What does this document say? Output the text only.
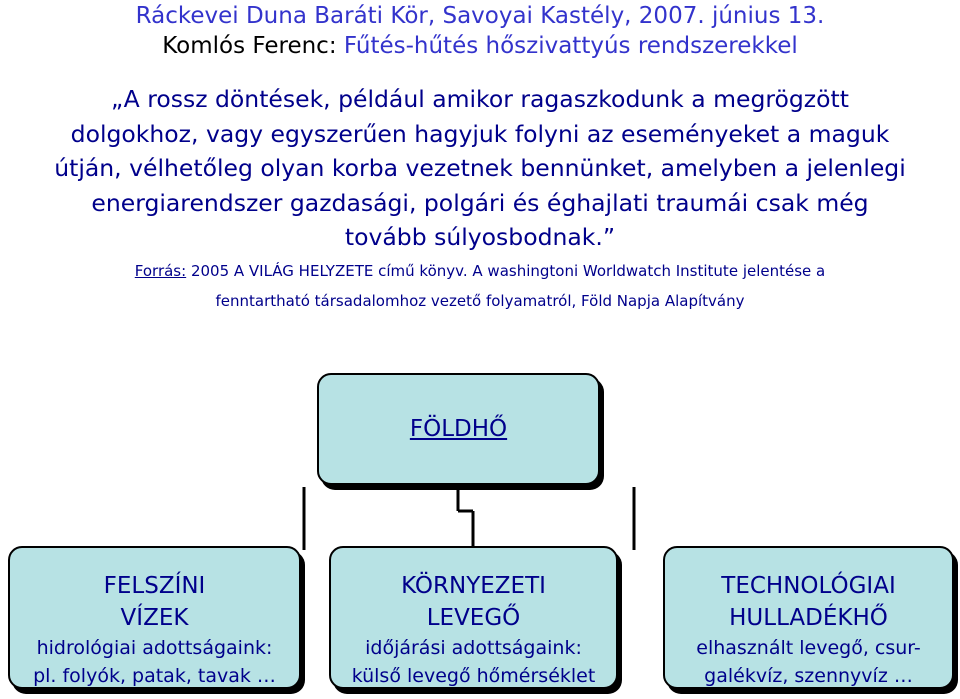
Ráckevei Duna Baráti Kör, Savoyai Kastély, 2007. június 13.
Komlós Ferenc: Fűtés-hűtés hőszivattyús rendszerekkel
„A rossz döntések, például amikor ragaszkodunk a megrögzött
dolgokhoz, vagy egyszerűen hagyjuk folyni az eseményeket a maguk
útján, vélhetőleg olyan korba vezetnek bennünket, amelyben a jelenlegi
energiarendszer gazdasági, polgári és éghajlati traumái csak még
tovább súlyosbodnak.”
Forrás: 2005 A VILÁG HELYZETE című könyv. A washingtoni Worldwatch Institute jelentése a
fenntartható társadalomhoz vezető folyamatról, Föld Napja Alapítvány
FÖLDHŐ
FELSZÍNI
VÍZEK
hidrológiai adottságaink:
pl. folyók, patak, tavak …
KÖRNYEZETI
LEVEGŐ
időjárási adottságaink:
külső levegő hőmérséklet
TECHNOLÓGIAI
HULLADÉKHŐ
elhasznált levegő, csur-
galékvíz, szennyvíz …
